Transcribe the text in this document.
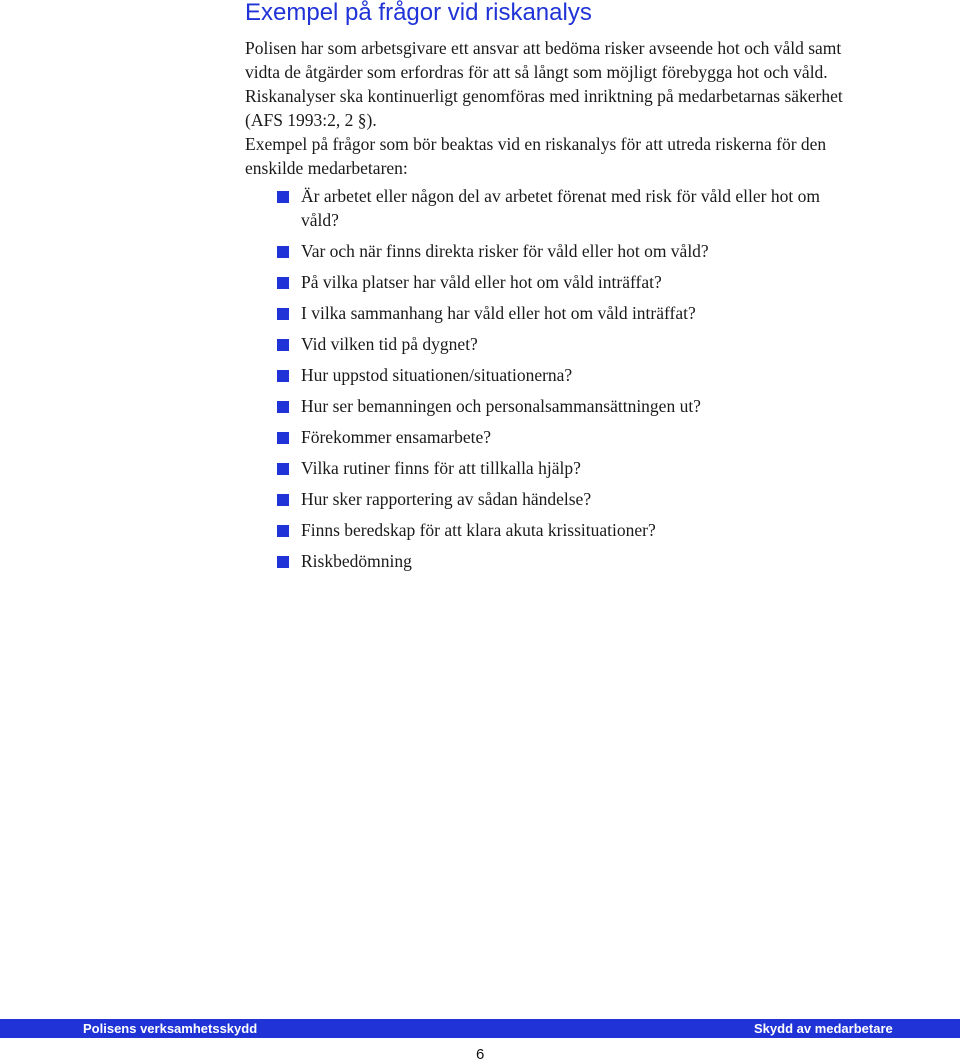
Exempel på frågor vid riskanalys

Polisen har som arbetsgivare ett ansvar att bedöma risker avseende hot och våld samt vidta de åtgärder som erfordras för att så långt som möjligt förebygga hot och våld. Riskanalyser ska kontinuerligt genomföras med inriktning på medarbetarnas säkerhet (AFS 1993:2, 2 §).

Exempel på frågor som bör beaktas vid en riskanalys för att utreda riskerna för den enskilde medarbetaren:

Är arbetet eller någon del av arbetet förenat med risk för våld eller hot om våld?
Var och när finns direkta risker för våld eller hot om våld?
På vilka platser har våld eller hot om våld inträffat?
I vilka sammanhang har våld eller hot om våld inträffat?
Vid vilken tid på dygnet?
Hur uppstod situationen/situationerna?
Hur ser bemanningen och personalsammansättningen ut?
Förekommer ensamarbete?
Vilka rutiner finns för att tillkalla hjälp?
Hur sker rapportering av sådan händelse?
Finns beredskap för att klara akuta krissituationer?
Riskbedömning
Polisens verksamhetsskydd	Skydd av medarbetare
6
